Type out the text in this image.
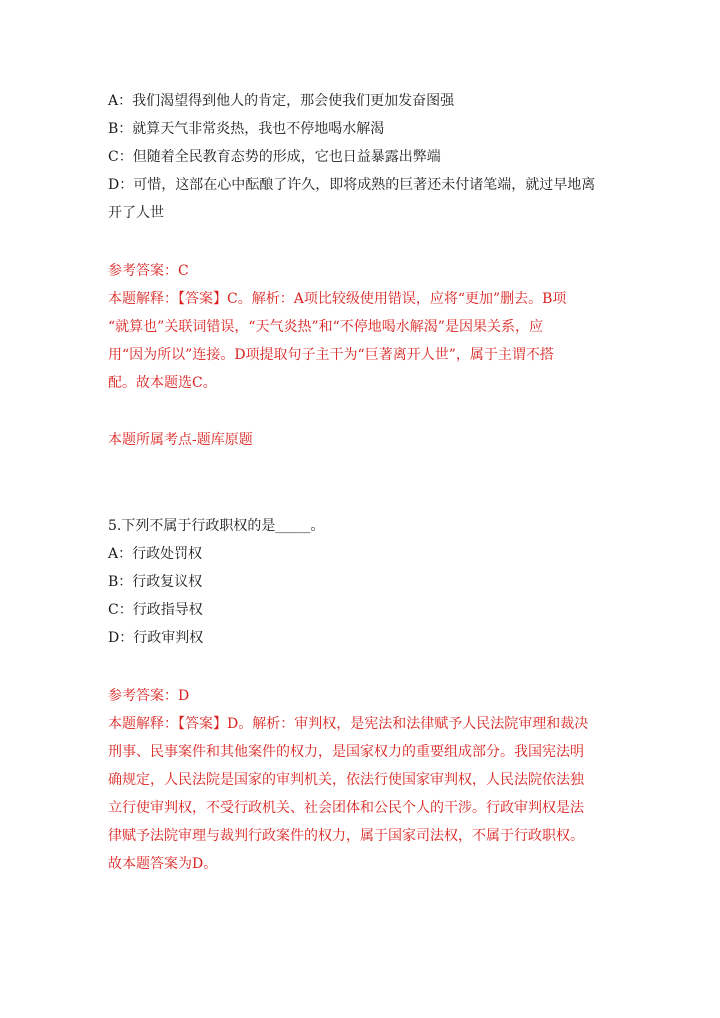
A：我们渴望得到他人的肯定，那会使我们更加发奋图强
B：就算天气非常炎热，我也不停地喝水解渴
C：但随着全民教育态势的形成，它也日益暴露出弊端
D：可惜，这部在心中酝酿了许久，即将成熟的巨著还未付诸笔端，就过早地离
开了人世
参考答案：C
本题解释：【答案】C。解析：A项比较级使用错误，应将“更加”删去。B项
“就算也”关联词错误，“天气炎热”和“不停地喝水解渴”是因果关系，应
用“因为所以”连接。D项提取句子主干为“巨著离开人世”，属于主谓不搭
配。故本题选C。
本题所属考点-题库原题
5.下列不属于行政职权的是_____。
A：行政处罚权
B：行政复议权
C：行政指导权
D：行政审判权
参考答案：D
本题解释：【答案】D。解析：审判权，是宪法和法律赋予人民法院审理和裁决
刑事、民事案件和其他案件的权力，是国家权力的重要组成部分。我国宪法明
确规定，人民法院是国家的审判机关，依法行使国家审判权，人民法院依法独
立行使审判权，不受行政机关、社会团体和公民个人的干涉。行政审判权是法
律赋予法院审理与裁判行政案件的权力，属于国家司法权，不属于行政职权。
故本题答案为D。
